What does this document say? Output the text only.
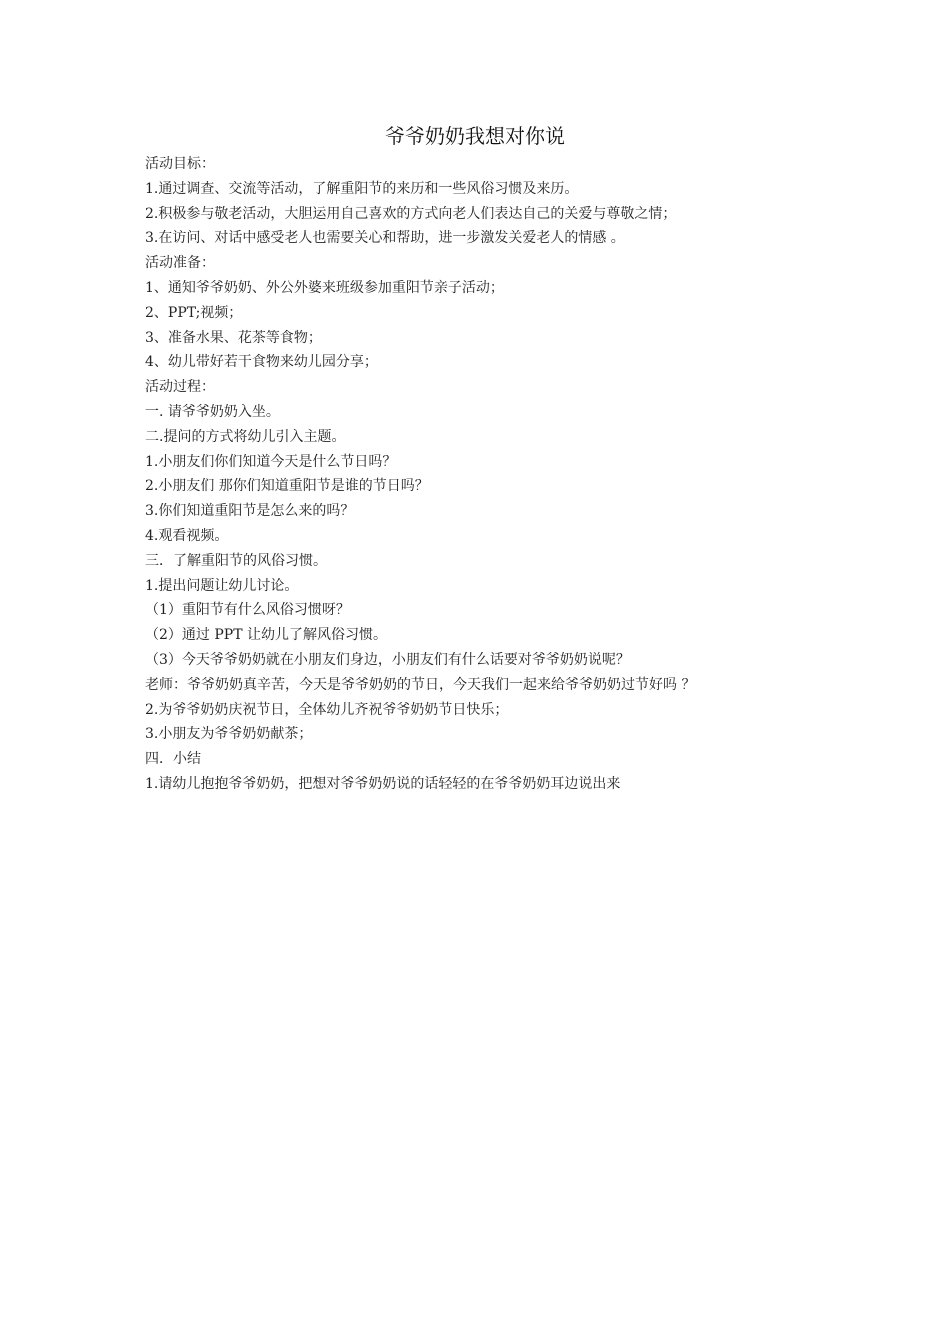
爷爷奶奶我想对你说
活动目标：
1.通过调查、交流等活动，了解重阳节的来历和一些风俗习惯及来历。
2.积极参与敬老活动，大胆运用自己喜欢的方式向老人们表达自己的关爱与尊敬之情；
3.在访问、对话中感受老人也需要关心和帮助，进一步激发关爱老人的情感 。
活动准备：
1、通知爷爷奶奶、外公外婆来班级参加重阳节亲子活动；
2、PPT;视频；
3、准备水果、花茶等食物；
4、幼儿带好若干食物来幼儿园分享；
活动过程：
一. 请爷爷奶奶入坐。
二.提问的方式将幼儿引入主题。
1.小朋友们你们知道今天是什么节日吗？
2.小朋友们 那你们知道重阳节是谁的节日吗？
3.你们知道重阳节是怎么来的吗？
4.观看视频。
三．了解重阳节的风俗习惯。
1.提出问题让幼儿讨论。
（1）重阳节有什么风俗习惯呀？
（2）通过 PPT 让幼儿了解风俗习惯。
（3）今天爷爷奶奶就在小朋友们身边，小朋友们有什么话要对爷爷奶奶说呢？
老师：爷爷奶奶真辛苦，今天是爷爷奶奶的节日，今天我们一起来给爷爷奶奶过节好吗 ？
2.为爷爷奶奶庆祝节日，全体幼儿齐祝爷爷奶奶节日快乐；
3.小朋友为爷爷奶奶献茶；
四．小结
1.请幼儿抱抱爷爷奶奶，把想对爷爷奶奶说的话轻轻的在爷爷奶奶耳边说出来
